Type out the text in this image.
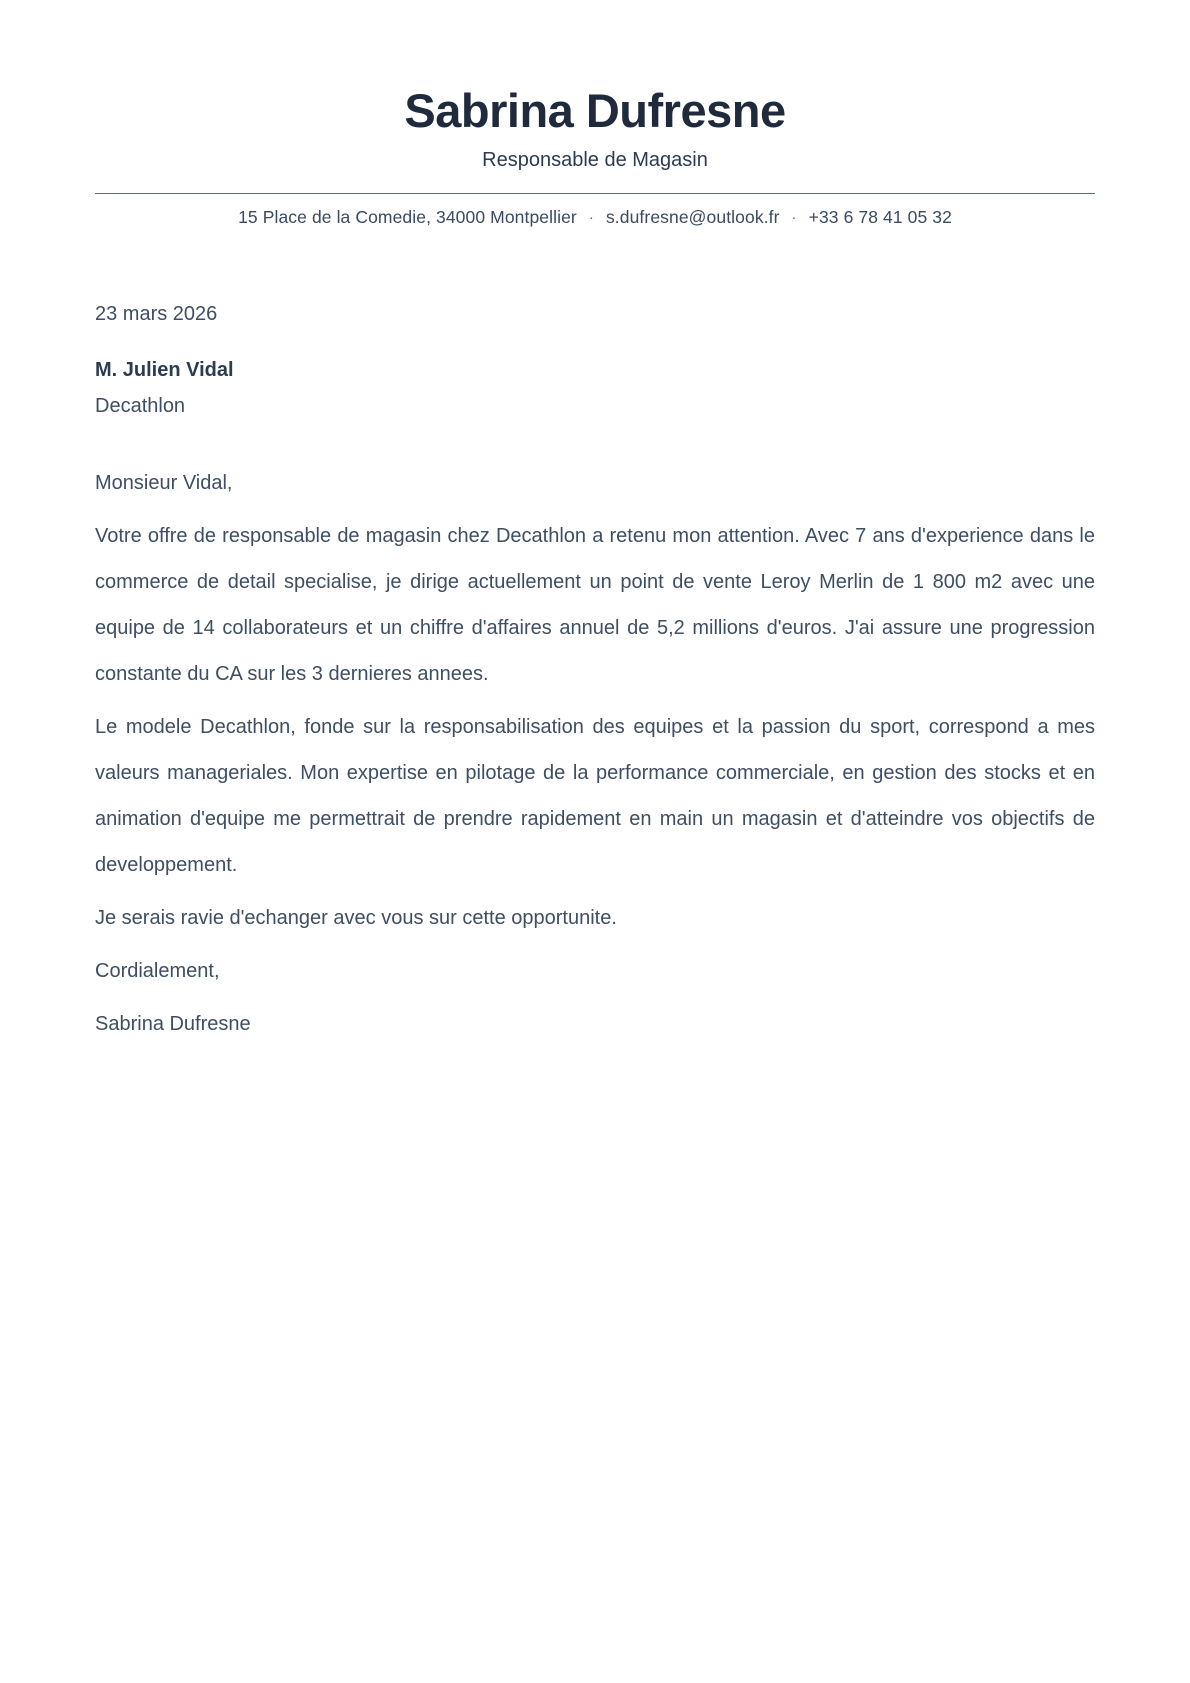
Sabrina Dufresne
Responsable de Magasin
15 Place de la Comedie, 34000 Montpellier · s.dufresne@outlook.fr · +33 6 78 41 05 32
23 mars 2026
M. Julien Vidal
Decathlon

Monsieur Vidal,

Votre offre de responsable de magasin chez Decathlon a retenu mon attention. Avec 7 ans d'experience dans le commerce de detail specialise, je dirige actuellement un point de vente Leroy Merlin de 1 800 m2 avec une equipe de 14 collaborateurs et un chiffre d'affaires annuel de 5,2 millions d'euros. J'ai assure une progression constante du CA sur les 3 dernieres annees.

Le modele Decathlon, fonde sur la responsabilisation des equipes et la passion du sport, correspond a mes valeurs manageriales. Mon expertise en pilotage de la performance commerciale, en gestion des stocks et en animation d'equipe me permettrait de prendre rapidement en main un magasin et d'atteindre vos objectifs de developpement.

Je serais ravie d'echanger avec vous sur cette opportunite.

Cordialement,

Sabrina Dufresne
